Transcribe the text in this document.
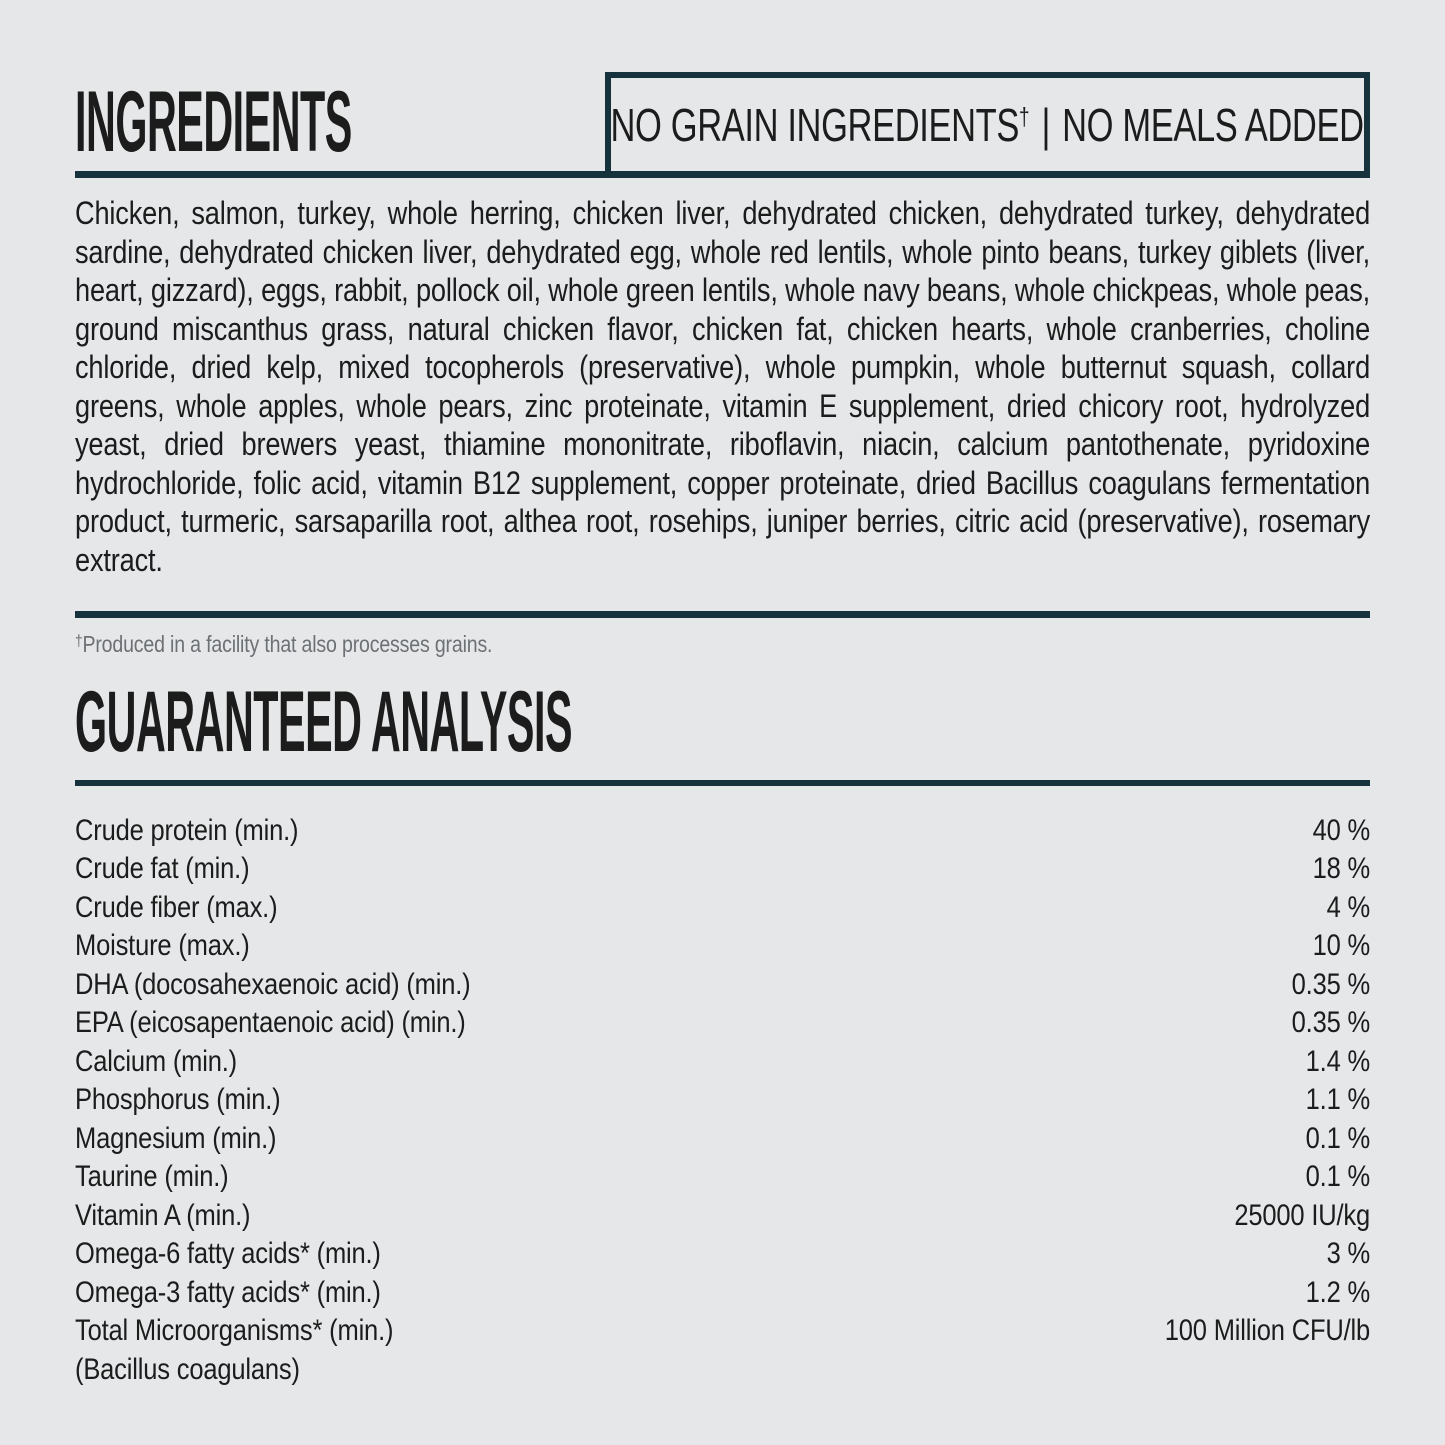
INGREDIENTS	NO GRAIN INGREDIENTS† | NO MEALS ADDED

Chicken, salmon, turkey, whole herring, chicken liver, dehydrated chicken, dehydrated turkey, dehydrated sardine, dehydrated chicken liver, dehydrated egg, whole red lentils, whole pinto beans, turkey giblets (liver, heart, gizzard), eggs, rabbit, pollock oil, whole green lentils, whole navy beans, whole chickpeas, whole peas, ground miscanthus grass, natural chicken flavor, chicken fat, chicken hearts, whole cranberries, choline chloride, dried kelp, mixed tocopherols (preservative), whole pumpkin, whole butternut squash, collard greens, whole apples, whole pears, zinc proteinate, vitamin E supplement, dried chicory root, hydrolyzed yeast, dried brewers yeast, thiamine mononitrate, riboflavin, niacin, calcium pantothenate, pyridoxine hydrochloride, folic acid, vitamin B12 supplement, copper proteinate, dried Bacillus coagulans fermentation product, turmeric, sarsaparilla root, althea root, rosehips, juniper berries, citric acid (preservative), rosemary extract.

†Produced in a facility that also processes grains.

GUARANTEED ANALYSIS
Crude protein (min.)	40 %
Crude fat (min.)	18 %
Crude fiber (max.)	4 %
Moisture (max.)	10 %
DHA (docosahexaenoic acid) (min.)	0.35 %
EPA (eicosapentaenoic acid) (min.)	0.35 %
Calcium (min.)	1.4 %
Phosphorus (min.)	1.1 %
Magnesium (min.)	0.1 %
Taurine (min.)	0.1 %
Vitamin A (min.)	25000 IU/kg
Omega-6 fatty acids* (min.)	3 %
Omega-3 fatty acids* (min.)	1.2 %
Total Microorganisms* (min.)	100 Million CFU/lb
(Bacillus coagulans)
